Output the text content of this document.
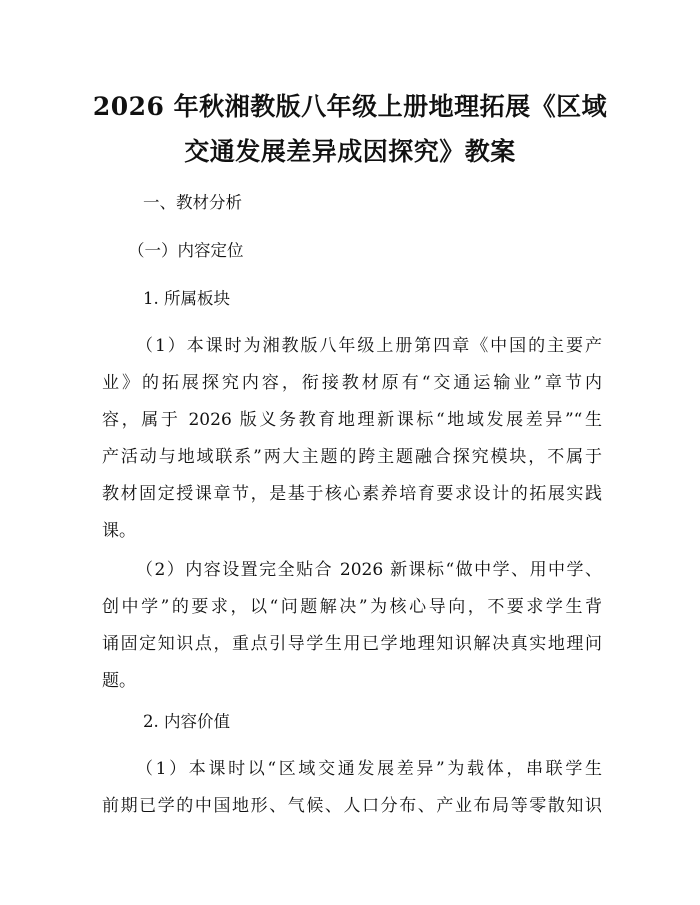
2026 年秋湘教版八年级上册地理拓展《区域
交通发展差异成因探究》教案
一、教材分析
（一）内容定位
1. 所属板块
（1）本课时为湘教版八年级上册第四章《中国的主要产
业》的拓展探究内容，衔接教材原有“交通运输业”章节内
容，属于 2026 版义务教育地理新课标“地域发展差异”“生
产活动与地域联系”两大主题的跨主题融合探究模块，不属于
教材固定授课章节，是基于核心素养培育要求设计的拓展实践
课。
（2）内容设置完全贴合 2026 新课标“做中学、用中学、
创中学”的要求，以“问题解决”为核心导向，不要求学生背
诵固定知识点，重点引导学生用已学地理知识解决真实地理问
题。
2. 内容价值
（1）本课时以“区域交通发展差异”为载体，串联学生
前期已学的中国地形、气候、人口分布、产业布局等零散知识
